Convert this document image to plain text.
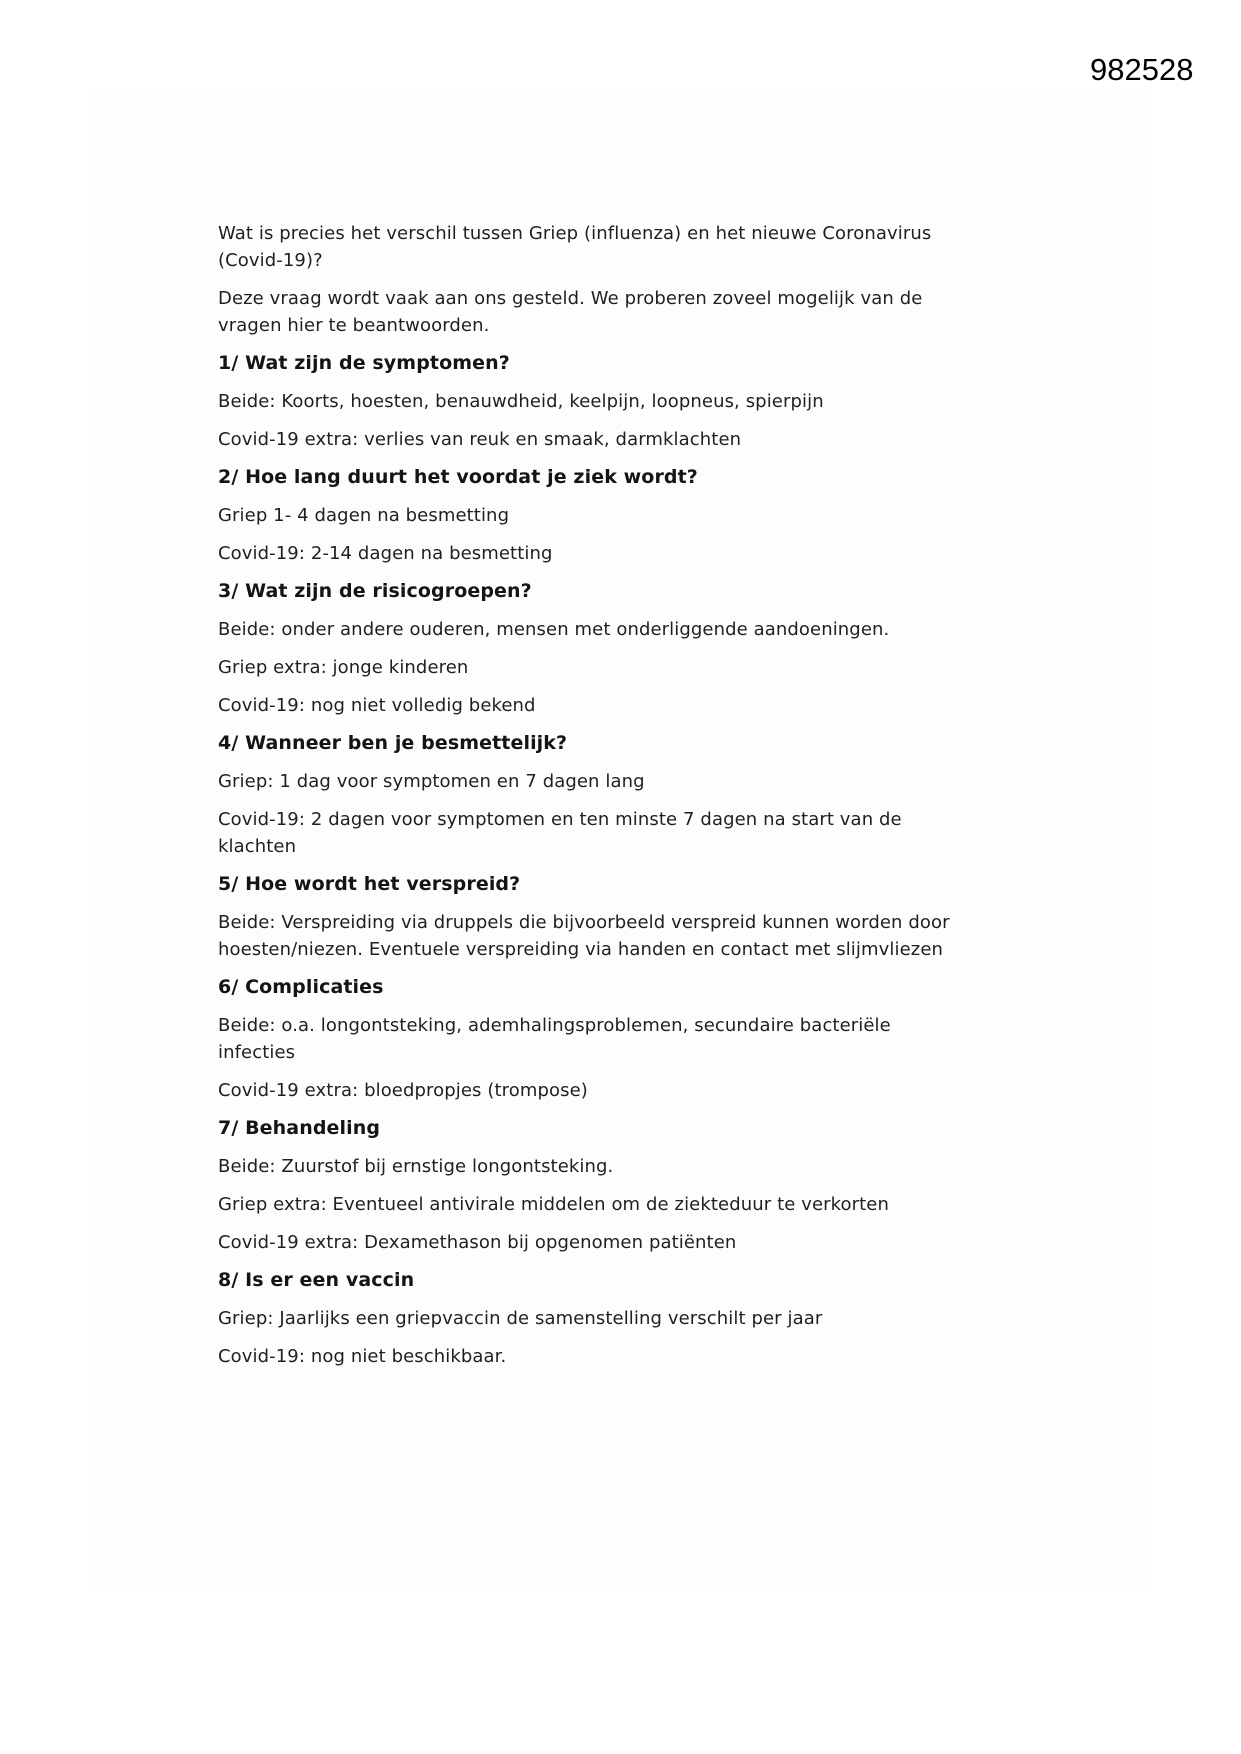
982528
Wat is precies het verschil tussen Griep (influenza) en het nieuwe Coronavirus
(Covid-19)?
Deze vraag wordt vaak aan ons gesteld. We proberen zoveel mogelijk van de
vragen hier te beantwoorden.
1/ Wat zijn de symptomen?
Beide: Koorts, hoesten, benauwdheid, keelpijn, loopneus, spierpijn
Covid-19 extra: verlies van reuk en smaak, darmklachten
2/ Hoe lang duurt het voordat je ziek wordt?
Griep 1- 4 dagen na besmetting
Covid-19: 2-14 dagen na besmetting
3/ Wat zijn de risicogroepen?
Beide: onder andere ouderen, mensen met onderliggende aandoeningen.
Griep extra: jonge kinderen
Covid-19: nog niet volledig bekend
4/ Wanneer ben je besmettelijk?
Griep: 1 dag voor symptomen en 7 dagen lang
Covid-19: 2 dagen voor symptomen en ten minste 7 dagen na start van de
klachten
5/ Hoe wordt het verspreid?
Beide: Verspreiding via druppels die bijvoorbeeld verspreid kunnen worden door
hoesten/niezen. Eventuele verspreiding via handen en contact met slijmvliezen
6/ Complicaties
Beide: o.a. longontsteking, ademhalingsproblemen, secundaire bacteriële
infecties
Covid-19 extra: bloedpropjes (trompose)
7/ Behandeling
Beide: Zuurstof bij ernstige longontsteking.
Griep extra: Eventueel antivirale middelen om de ziekteduur te verkorten
Covid-19 extra: Dexamethason bij opgenomen patiënten
8/ Is er een vaccin
Griep: Jaarlijks een griepvaccin de samenstelling verschilt per jaar
Covid-19: nog niet beschikbaar.
